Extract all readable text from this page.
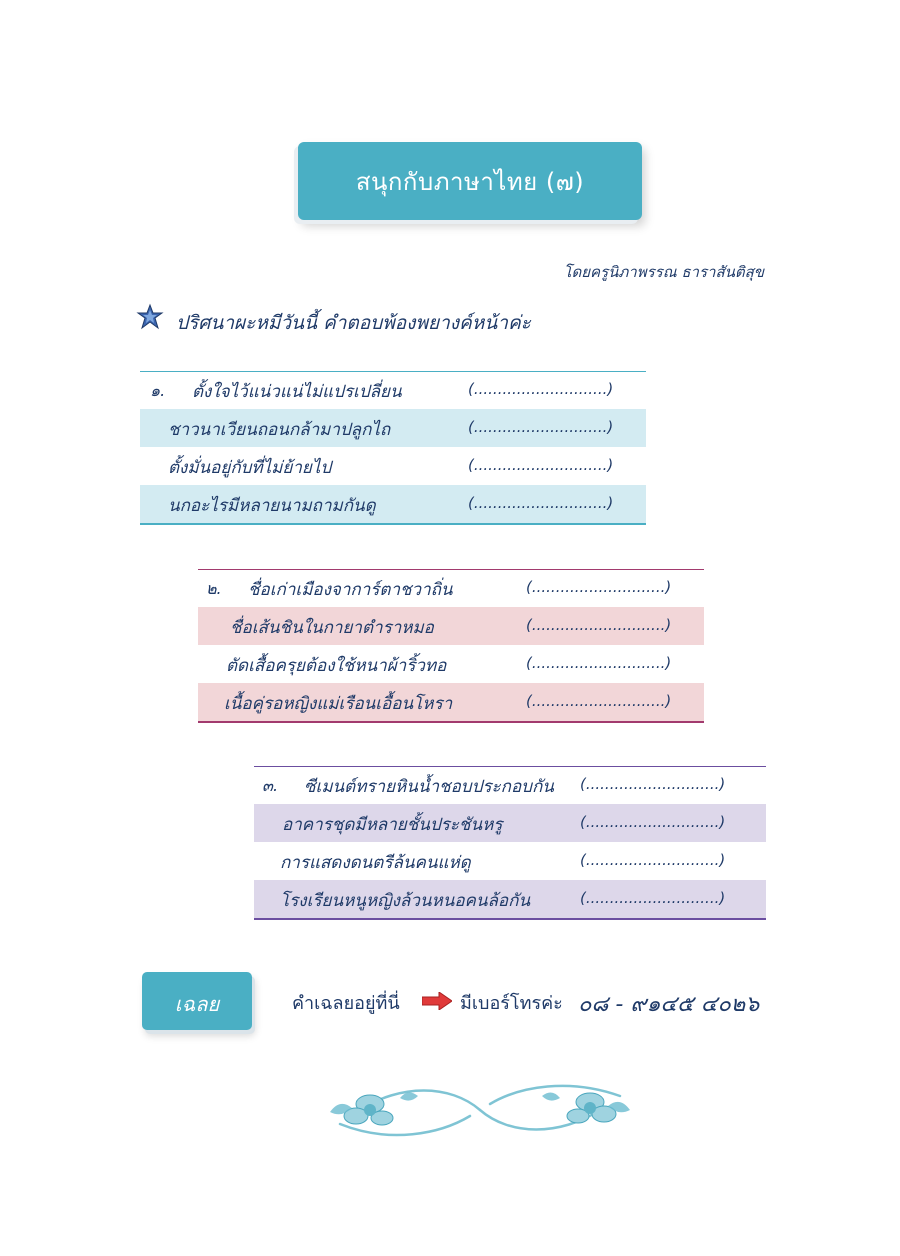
สนุกกับภาษาไทย (๗)
โดยครูนิภาพรรณ ธาราสันติสุข
ปริศนาผะหมีวันนี้ คำตอบพ้องพยางค์หน้าค่ะ
๑. ตั้งใจไว้แน่วแน่ไม่แปรเปลี่ยน	(............................)
ชาวนาเวียนถอนกล้ามาปลูกไถ	(............................)
ตั้งมั่นอยู่กับที่ไม่ย้ายไป	(............................)
นกอะไรมีหลายนามถามกันดู	(............................)
๒. ชื่อเก่าเมืองจาการ์ตาชวาถิ่น	(............................)
ชื่อเส้นชินในกายาตำราหมอ	(............................)
ตัดเสื้อครุยต้องใช้หนาผ้าริ้วทอ	(............................)
เนื้อคู่รอหญิงแม่เรือนเอื้อนโหรา	(............................)
๓. ซีเมนต์ทรายหินน้ำชอบประกอบกัน (............................)
อาคารชุดมีหลายชั้นประชันหรู	(............................)
การแสดงดนตรีล้นคนแห่ดู	(............................)
โรงเรียนหนูหญิงล้วนหนอคนล้อกัน	(............................)
เฉลย	คำเฉลยอยู่ที่นี่	มีเบอร์โทรค่ะ ๐๘ - ๙๑๔๕ ๔๐๒๖
